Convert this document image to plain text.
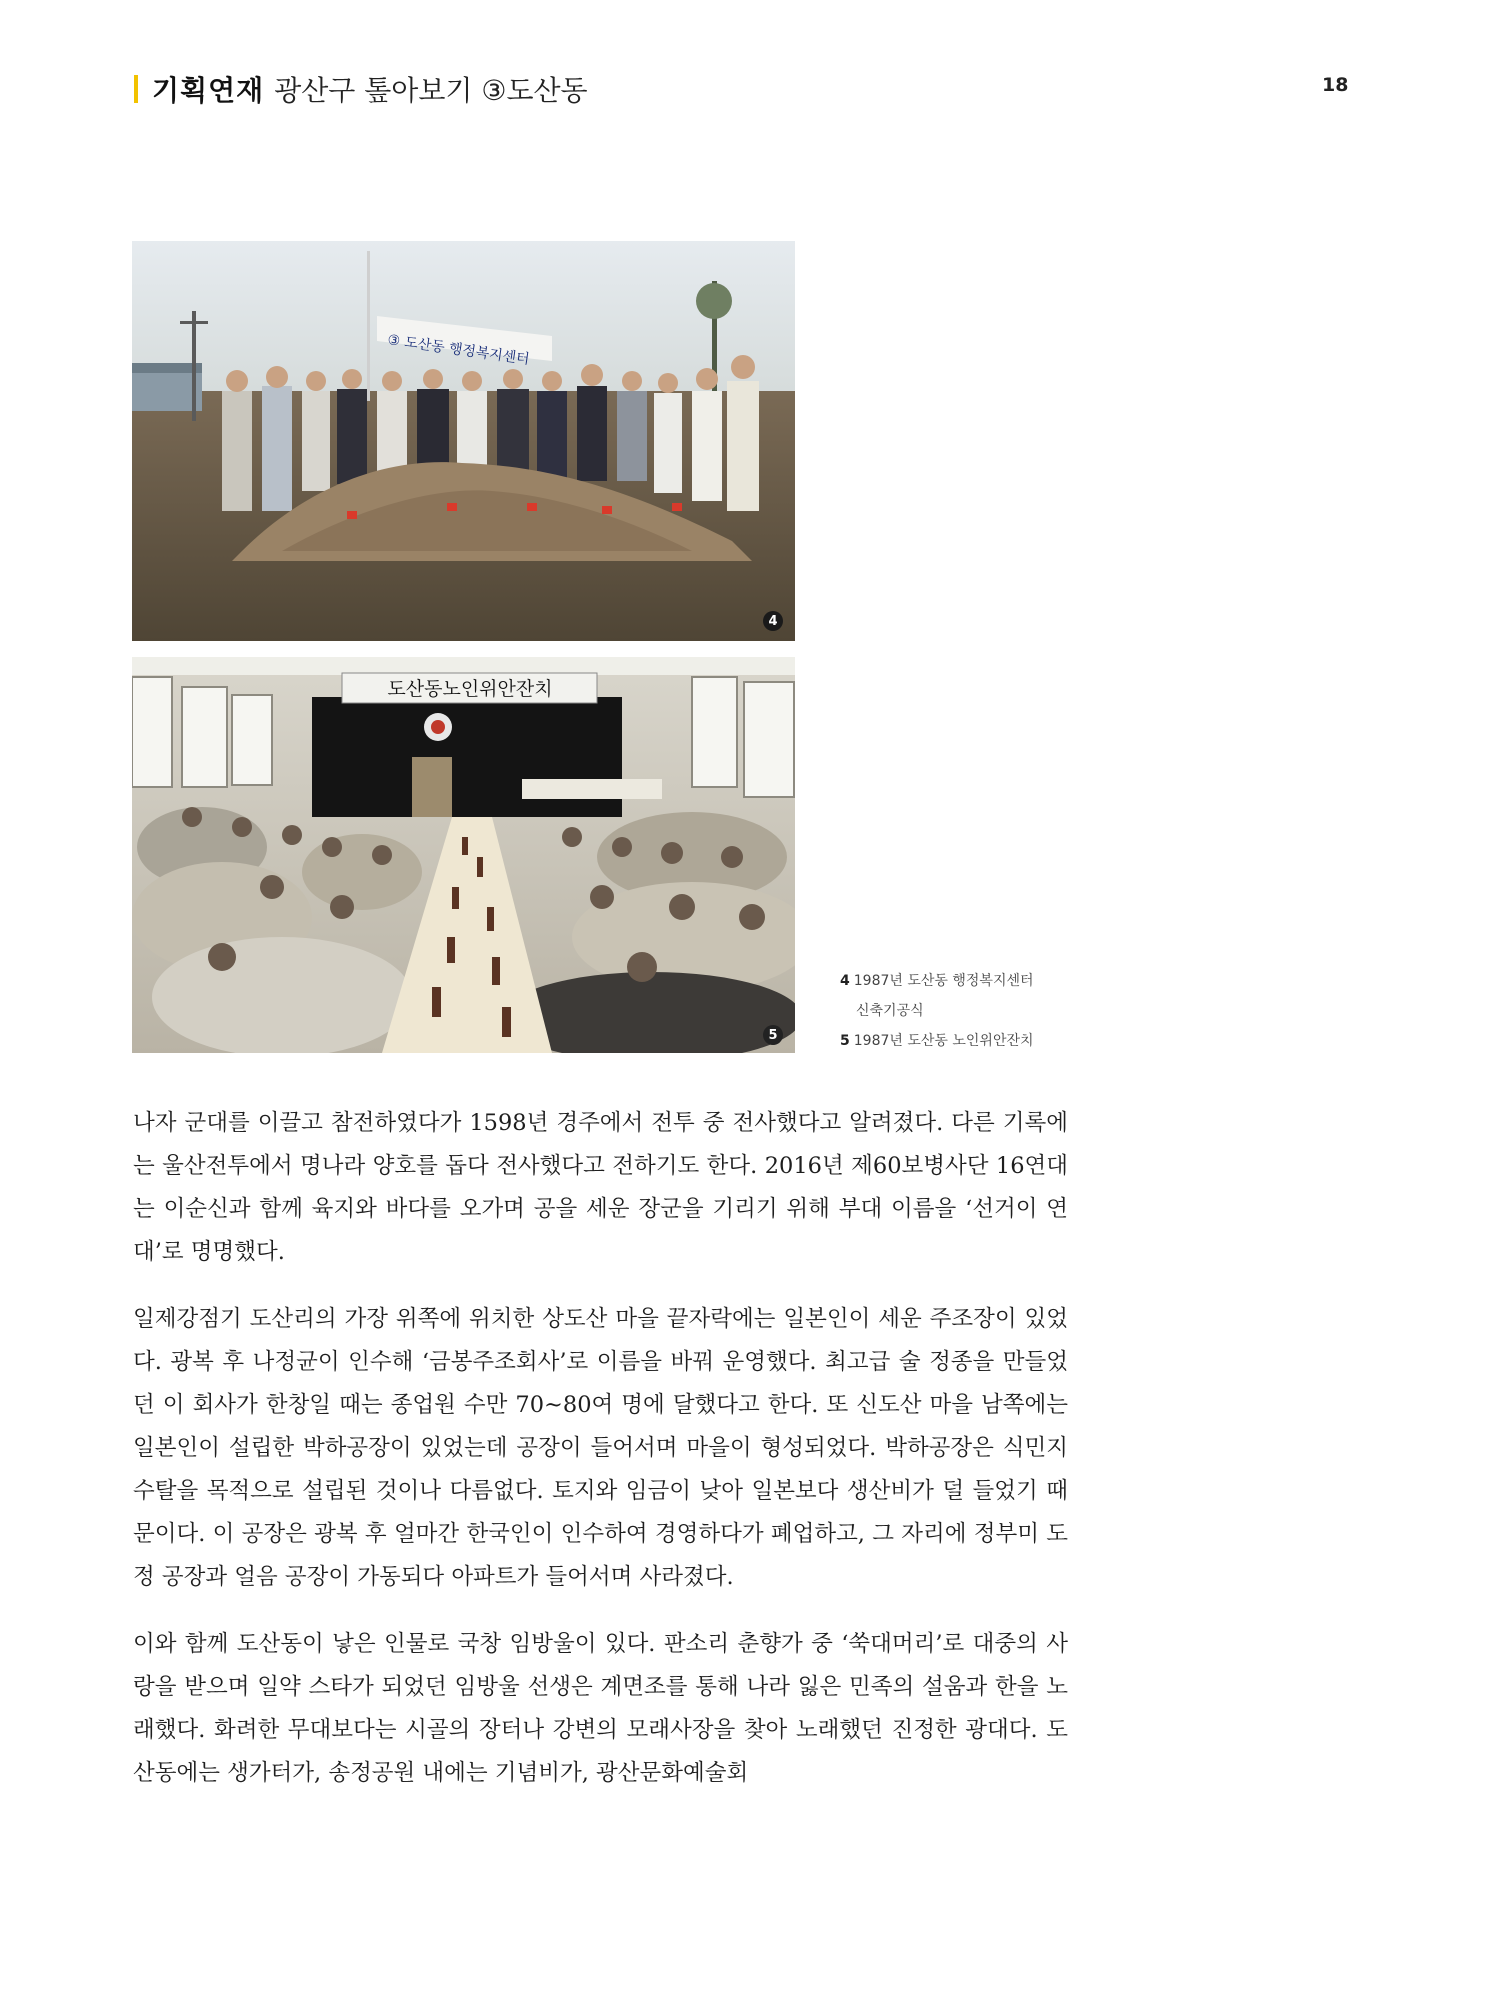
기획연재 광산구 톺아보기 ③도산동	18
③ 도산동 행정복지센터
4
도산동노인위안잔치
5
4 1987년 도산동 행정복지센터
신축기공식
5 1987년 도산동 노인위안잔치

나자 군대를 이끌고 참전하였다가 1598년 경주에서 전투 중 전사했다고 알려졌다. 다른 기록에는 울산전투에서 명나라 양호를 돕다 전사했다고 전하기도 한다. 2016년 제60보병사단 16연대는 이순신과 함께 육지와 바다를 오가며 공을 세운 장군을 기리기 위해 부대 이름을 ‘선거이 연대’로 명명했다.

일제강점기 도산리의 가장 위쪽에 위치한 상도산 마을 끝자락에는 일본인이 세운 주조장이 있었다. 광복 후 나정균이 인수해 ‘금봉주조회사’로 이름을 바꿔 운영했다. 최고급 술 정종을 만들었던 이 회사가 한창일 때는 종업원 수만 70~80여 명에 달했다고 한다. 또 신도산 마을 남쪽에는 일본인이 설립한 박하공장이 있었는데 공장이 들어서며 마을이 형성되었다. 박하공장은 식민지 수탈을 목적으로 설립된 것이나 다름없다. 토지와 임금이 낮아 일본보다 생산비가 덜 들었기 때문이다. 이 공장은 광복 후 얼마간 한국인이 인수하여 경영하다가 폐업하고, 그 자리에 정부미 도정 공장과 얼음 공장이 가동되다 아파트가 들어서며 사라졌다.

이와 함께 도산동이 낳은 인물로 국창 임방울이 있다. 판소리 춘향가 중 ‘쑥대머리’로 대중의 사랑을 받으며 일약 스타가 되었던 임방울 선생은 계면조를 통해 나라 잃은 민족의 설움과 한을 노래했다. 화려한 무대보다는 시골의 장터나 강변의 모래사장을 찾아 노래했던 진정한 광대다. 도산동에는 생가터가, 송정공원 내에는 기념비가, 광산문화예술회
